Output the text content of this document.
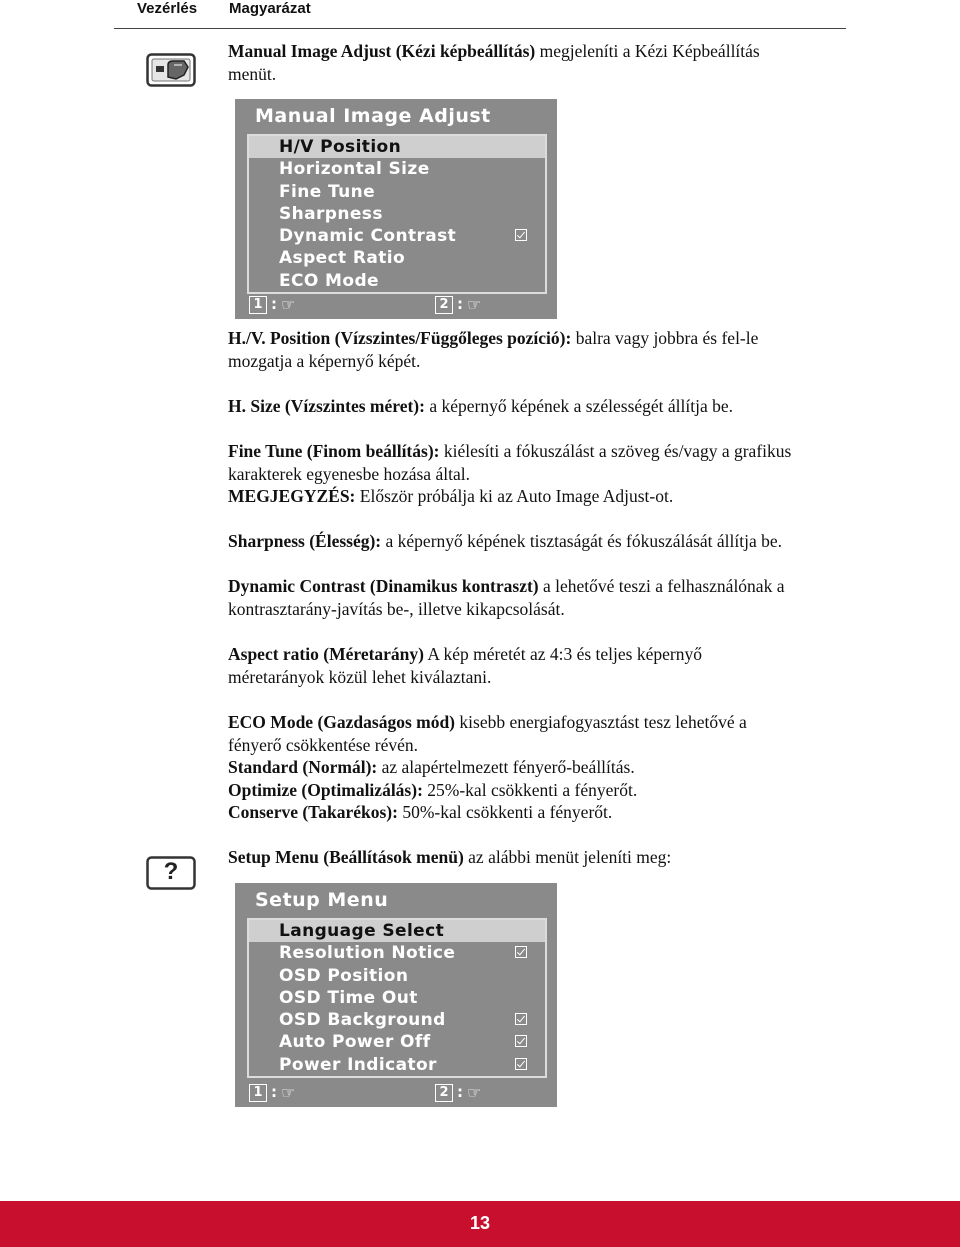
Vezérlés Magyarázat
Manual Image Adjust (Kézi képbeállítás) megjeleníti a Kézi Képbeállítás
menüt.
Manual Image Adjust
H/V Position
Horizontal Size
Fine Tune
Sharpness
Dynamic Contrast
Aspect Ratio
ECO Mode
1 : ☞	2 : ☞
H./V. Position (Vízszintes/Függőleges pozíció): balra vagy jobbra és fel-le
mozgatja a képernyő képét.
H. Size (Vízszintes méret): a képernyő képének a szélességét állítja be.
Fine Tune (Finom beállítás): kiélesíti a fókuszálást a szöveg és/vagy a grafikus
karakterek egyenesbe hozása által.
MEGJEGYZÉS: Először próbálja ki az Auto Image Adjust-ot.
Sharpness (Élesség): a képernyő képének tisztaságát és fókuszálását állítja be.
Dynamic Contrast (Dinamikus kontraszt) a lehetővé teszi a felhasználónak a
kontrasztarány-javítás be-, illetve kikapcsolását.
Aspect ratio (Méretarány) A kép méretét az 4:3 és teljes képernyő
méretarányok közül lehet kiválaztani.
ECO Mode (Gazdaságos mód) kisebb energiafogyasztást tesz lehetővé a
fényerő csökkentése révén.
Standard (Normál): az alapértelmezett fényerő-beállítás.
Optimize (Optimalizálás): 25%-kal csökkenti a fényerőt.
Conserve (Takarékos): 50%-kal csökkenti a fényerőt.
?
Setup Menu (Beállítások menü) az alábbi menüt jeleníti meg:
Setup Menu
Language Select
Resolution Notice
OSD Position
OSD Time Out
OSD Background
Auto Power Off
Power Indicator
1 : ☞	2 : ☞
13
